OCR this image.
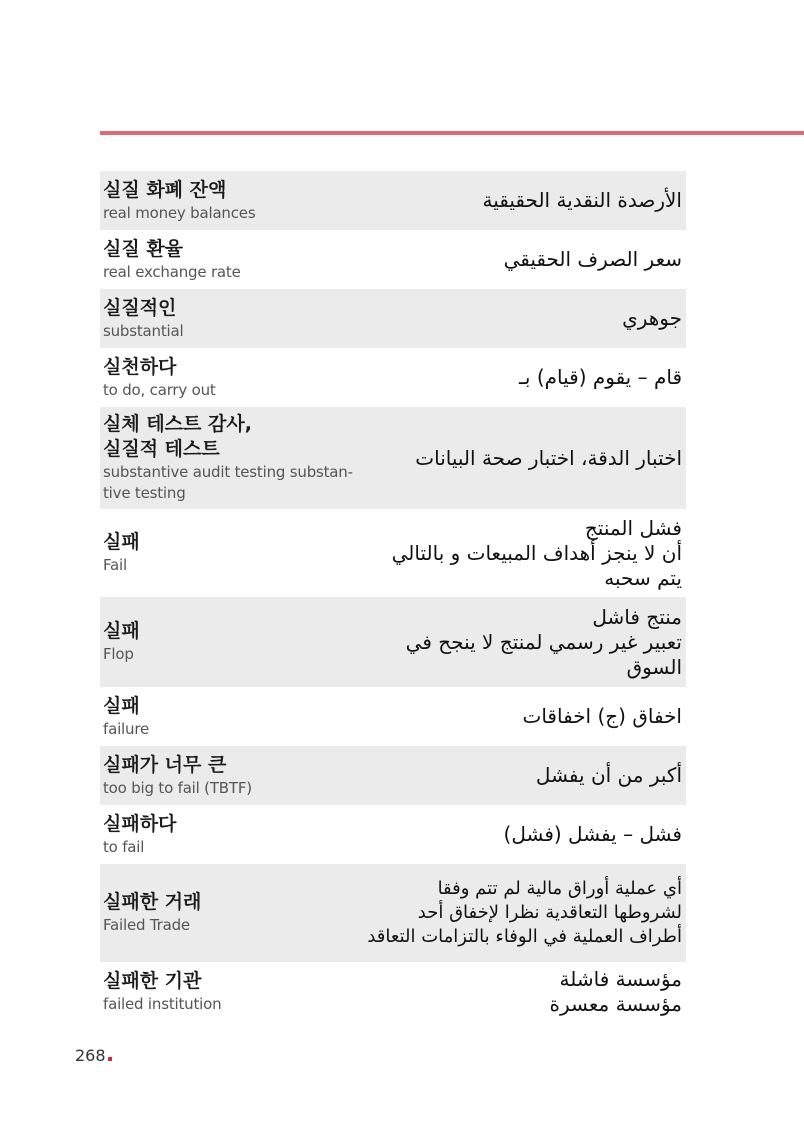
실질 화폐 잔액
real money balances
الأرصدة النقدية الحقيقية
실질 환율
real exchange rate
سعر الصرف الحقيقي
실질적인
substantial
جوهري
실천하다
to do, carry out
قام – يقوم (قيام) بـ
실체 테스트 감사,
실질적 테스트
substantive audit testing substan-tive testing
اختبار الدقة، اختبار صحة البيانات
실패
Fail
فشل المنتج
أن لا ينجز أهداف المبيعات و بالتالي
يتم سحبه
실패
Flop
منتج فاشل
تعبير غير رسمي لمنتج لا ينجح في
السوق
실패
failure
اخفاق (ج) اخفاقات
실패가 너무 큰
too big to fail (TBTF)
أكبر من أن يفشل
실패하다
to fail
فشل – يفشل (فشل)
실패한 거래
Failed Trade
أي عملية أوراق مالية لم تتم وفقا
لشروطها التعاقدية نظرا لإخفاق أحد
أطراف العملية في الوفاء بالتزامات التعاقد
실패한 기관
failed institution
مؤسسة فاشلة
مؤسسة معسرة
268
